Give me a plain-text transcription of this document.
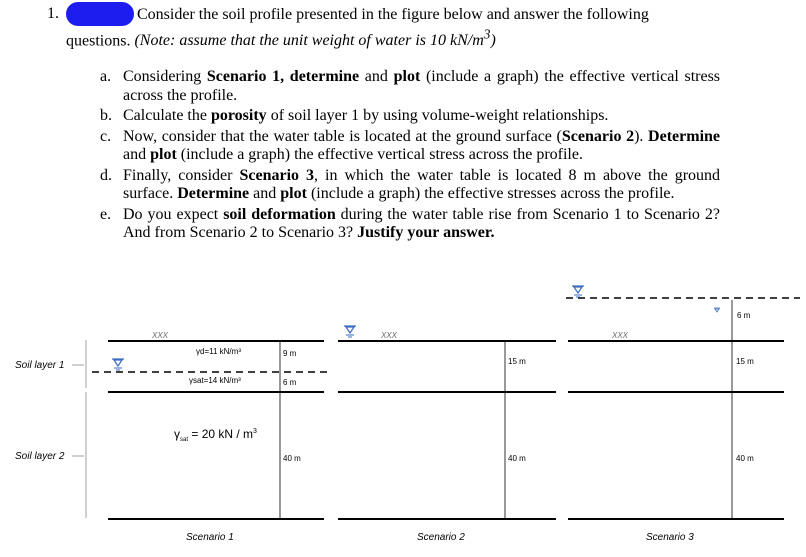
1.	Consider the soil profile presented in the figure below and answer the following
questions. (Note: assume that the unit weight of water is 10 $kN/m^3$)
a. Considering Scenario 1, determine and plot (include a graph) the effective vertical stress across the profile.
b. Calculate the porosity of soil layer 1 by using volume-weight relationships.
c. Now, consider that the water table is located at the ground surface (Scenario 2). Determine and plot (include a graph) the effective vertical stress across the profile.
d. Finally, consider Scenario 3, in which the water table is located 8 m above the ground surface. Determine and plot (include a graph) the effective stresses across the profile.
e. Do you expect soil deformation during the water table rise from Scenario 1 to Scenario 2? And from Scenario 2 to Scenario 3? Justify your answer.
Soil layer 1
Soil layer 2
XXX
γd=11 kN/m³
γsat=14 kN/m³
9 m
6 m
40 m
$\gamma_{sat} = 20$ kN / $m^3$
Scenario 1
XXX
15 m
40 m
Scenario 2
6 m
XXX
15 m
40 m
Scenario 3
